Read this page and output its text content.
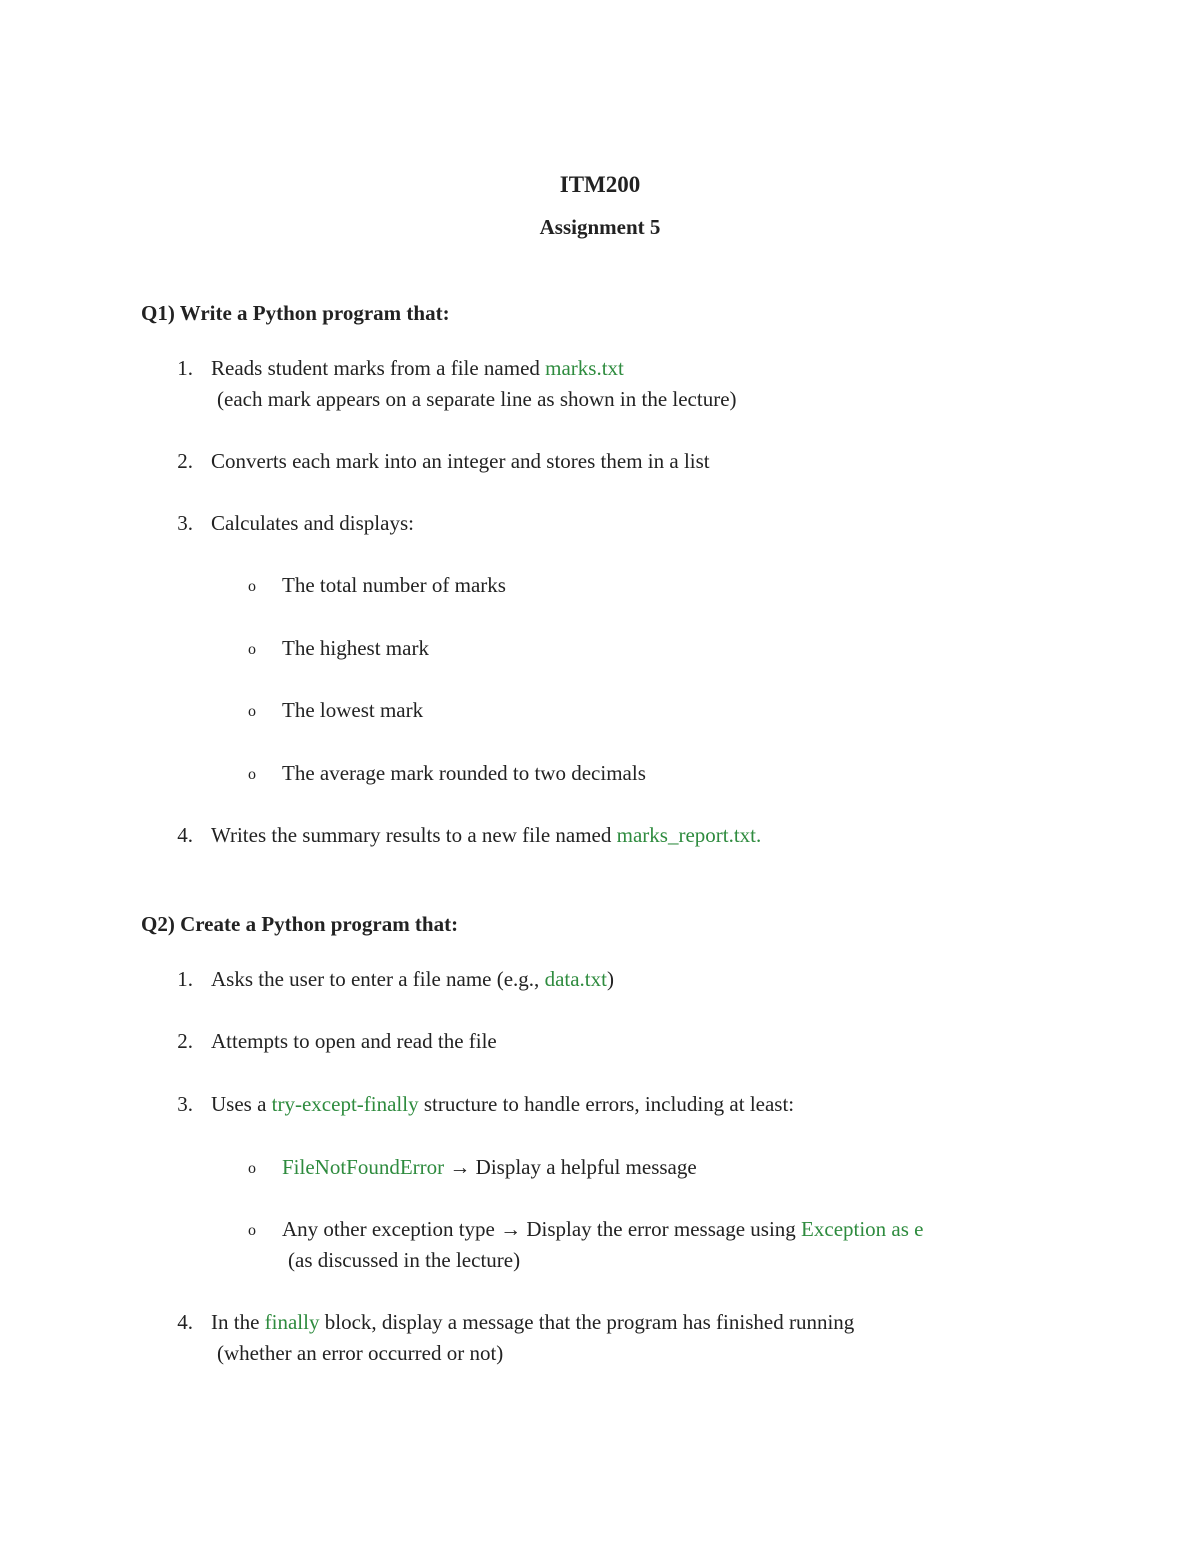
ITM200
Assignment 5
Q1) Write a Python program that:
1. Reads student marks from a file named marks.txt
(each mark appears on a separate line as shown in the lecture)
2. Converts each mark into an integer and stores them in a list
3. Calculates and displays:
o The total number of marks
o The highest mark
o The lowest mark
o The average mark rounded to two decimals
4. Writes the summary results to a new file named marks_report.txt.
Q2) Create a Python program that:
1. Asks the user to enter a file name (e.g., data.txt)
2. Attempts to open and read the file
3. Uses a try-except-finally structure to handle errors, including at least:
o FileNotFoundError → Display a helpful message
o Any other exception type → Display the error message using Exception as e
(as discussed in the lecture)
4. In the finally block, display a message that the program has finished running
(whether an error occurred or not)
